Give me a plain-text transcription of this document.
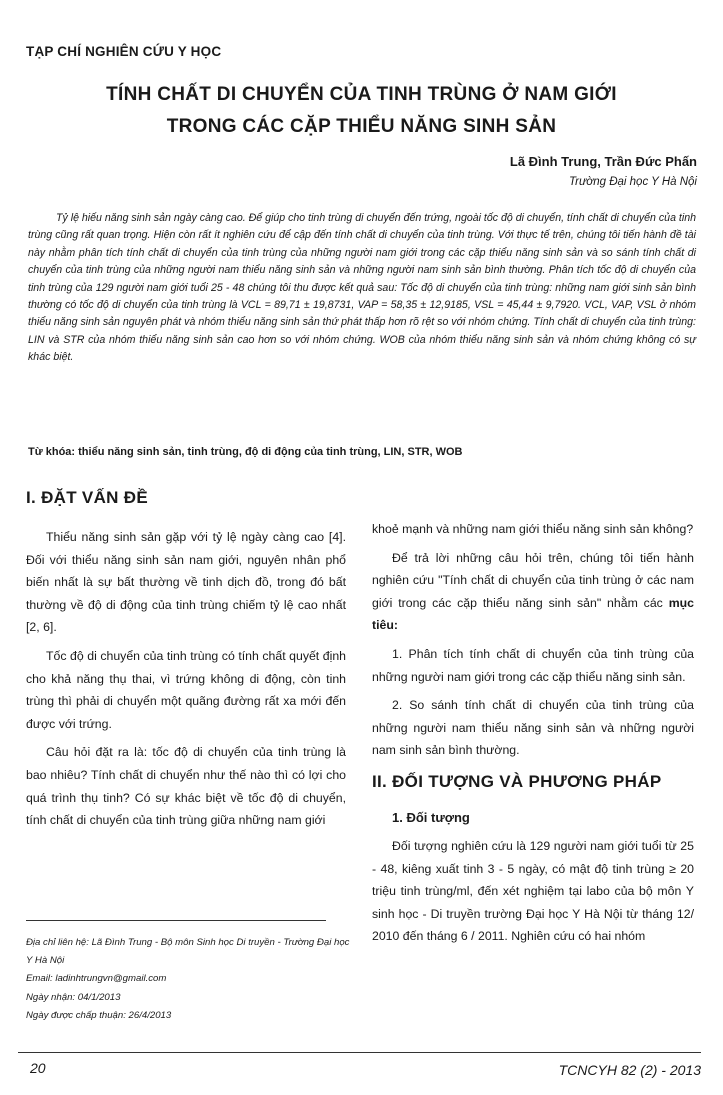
TẠP CHÍ NGHIÊN CỨU Y HỌC
TÍNH CHẤT DI CHUYỂN CỦA TINH TRÙNG Ở NAM GIỚI
TRONG CÁC CẶP THIỂU NĂNG SINH SẢN
Lã Đình Trung, Trần Đức Phấn
Trường Đại học Y Hà Nội

Tỷ lệ hiếu năng sinh sản ngày càng cao. Để giúp cho tinh trùng di chuyển đến trứng, ngoài tốc độ di chuyển, tính chất di chuyển của tinh trùng cũng rất quan trọng. Hiện còn rất ít nghiên cứu để cập đến tính chất di chuyển của tinh trùng. Với thực tế trên, chúng tôi tiến hành đề tài này nhằm phân tích tính chất di chuyển của tinh trùng của những người nam giới trong các cặp thiểu năng sinh sản và so sánh tính chất di chuyển của tinh trùng của những người nam thiểu năng sinh sản và những người nam sinh sản bình thường. Phân tích tốc độ di chuyển của tinh trùng của 129 người nam giới tuổi 25 - 48 chúng tôi thu được kết quả sau: Tốc độ di chuyển của tinh trùng: những nam giới sinh sản bình thường có tốc độ di chuyển của tinh trùng là VCL = 89,71 ± 19,8731, VAP = 58,35 ± 12,9185, VSL = 45,44 ± 9,7920. VCL, VAP, VSL ở nhóm thiểu năng sinh sản nguyên phát và nhóm thiểu năng sinh sản thứ phát thấp hơn rõ rệt so với nhóm chứng. Tính chất di chuyển của tinh trùng: LIN và STR của nhóm thiểu năng sinh sản cao hơn so với nhóm chứng. WOB của nhóm thiểu năng sinh sản và nhóm chứng không có sự khác biệt.

Từ khóa: thiểu năng sinh sản, tinh trùng, độ di động của tinh trùng, LIN, STR, WOB
I. ĐẶT VẤN ĐỀ

Thiểu năng sinh sản gặp với tỷ lệ ngày càng cao [4]. Đối với thiểu năng sinh sản nam giới, nguyên nhân phổ biến nhất là sự bất thường về tinh dịch đồ, trong đó bất thường về độ di động của tinh trùng chiếm tỷ lệ cao nhất [2, 6].

Tốc độ di chuyển của tinh trùng có tính chất quyết định cho khả năng thụ thai, vì trứng không di động, còn tinh trùng thì phải di chuyển một quãng đường rất xa mới đến được với trứng.

Câu hỏi đặt ra là: tốc độ di chuyển của tinh trùng là bao nhiêu? Tính chất di chuyển như thế nào thì có lợi cho quá trình thụ tinh? Có sự khác biệt về tốc độ di chuyển, tính chất di chuyển của tinh trùng giữa những nam giới

khoẻ mạnh và những nam giới thiểu năng sinh sản không?

Để trả lời những câu hỏi trên, chúng tôi tiến hành nghiên cứu "Tính chất di chuyển của tinh trùng ở các nam giới trong các cặp thiểu năng sinh sản" nhằm các mục tiêu:

1. Phân tích tính chất di chuyển của tinh trùng của những người nam giới trong các cặp thiểu năng sinh sản.

2. So sánh tính chất di chuyển của tinh trùng của những người nam thiểu năng sinh sản và những người nam sinh sản bình thường.

II. ĐỐI TƯỢNG VÀ PHƯƠNG PHÁP
1. Đối tượng

Đối tượng nghiên cứu là 129 người nam giới tuổi từ 25 - 48, kiêng xuất tinh 3 - 5 ngày, có mật độ tinh trùng ≥ 20 triệu tinh trùng/ml, đến xét nghiệm tại labo của bộ môn Y sinh học - Di truyền trường Đại học Y Hà Nội từ tháng 12/ 2010 đến tháng 6 / 2011. Nghiên cứu có hai nhóm

Địa chỉ liên hệ: Lã Đình Trung - Bộ môn Sinh học Di truyền - Trường Đại học Y Hà Nội
Email: ladinhtrungvn@gmail.com
Ngày nhận: 04/1/2013
Ngày được chấp thuận: 26/4/2013
20	TCNCYH 82 (2) - 2013
